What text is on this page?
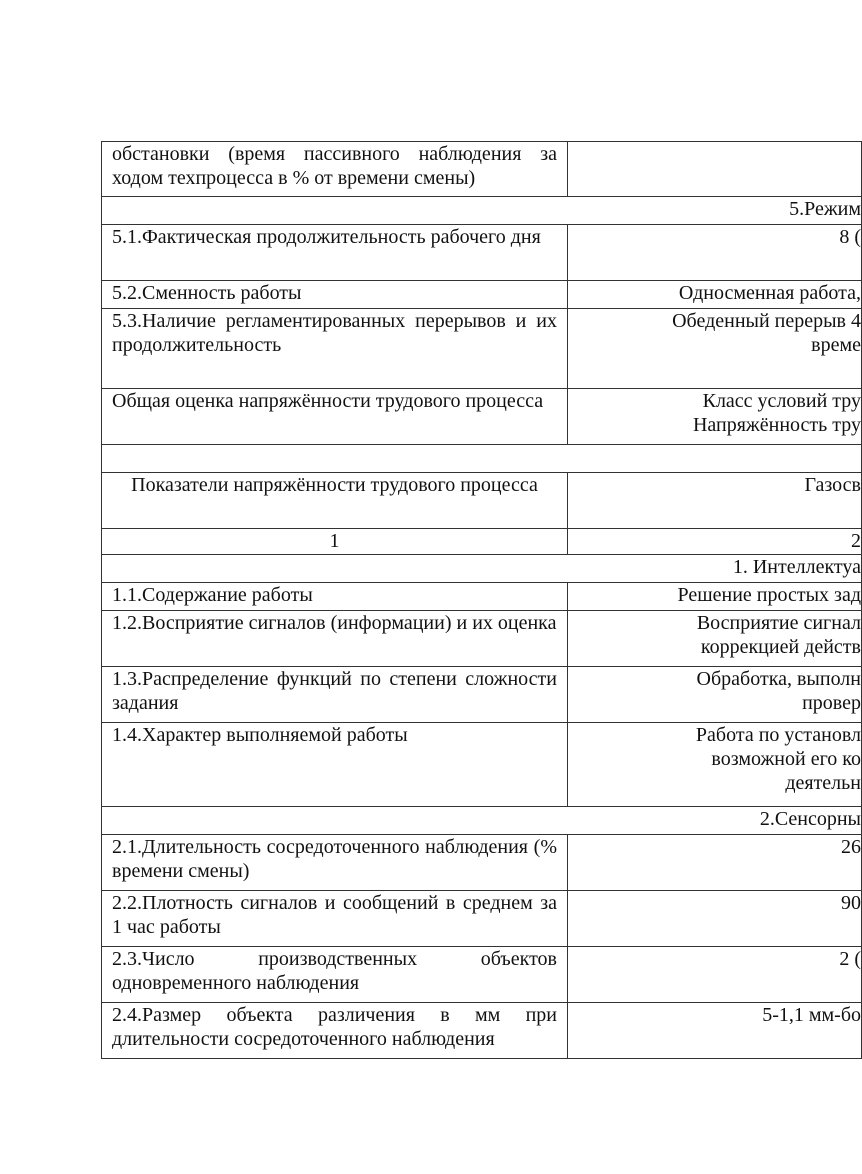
обстановки (время пассивного наблюдения за ходом техпроцесса в % от времени смены)	
5.Режим	
5.1.Фактическая продолжительность рабочего дня	8 (
5.2.Сменность работы	Односменная работа,
5.3.Наличие регламентированных перерывов и их продолжительность	Обеденный перерыв 4
време

Общая оценка напряжённости трудового процесса	Класс условий тру
Напряжённость тру

Показатели напряжённости трудового процесса	Газосв
1	2
1. Интеллектуа	
1.1.Содержание работы	Решение простых зад
1.2.Восприятие сигналов (информации) и их оценка	Восприятие сигнал
коррекцией действ

1.3.Распределение функций по степени сложности задания	Обработка, выполн
провер

1.4.Характер выполняемой работы	Работа по установл
возможной его ко
деятельн

2.Сенсорны	
2.1.Длительность сосредоточенного наблюдения (% времени смены)	26
2.2.Плотность сигналов и сообщений в среднем за 1 час работы	90
2.3.Число производственных объектов одновременного наблюдения	2 (
2.4.Размер объекта различения в мм при длительности сосредоточенного наблюдения	5-1,1 мм-бо
